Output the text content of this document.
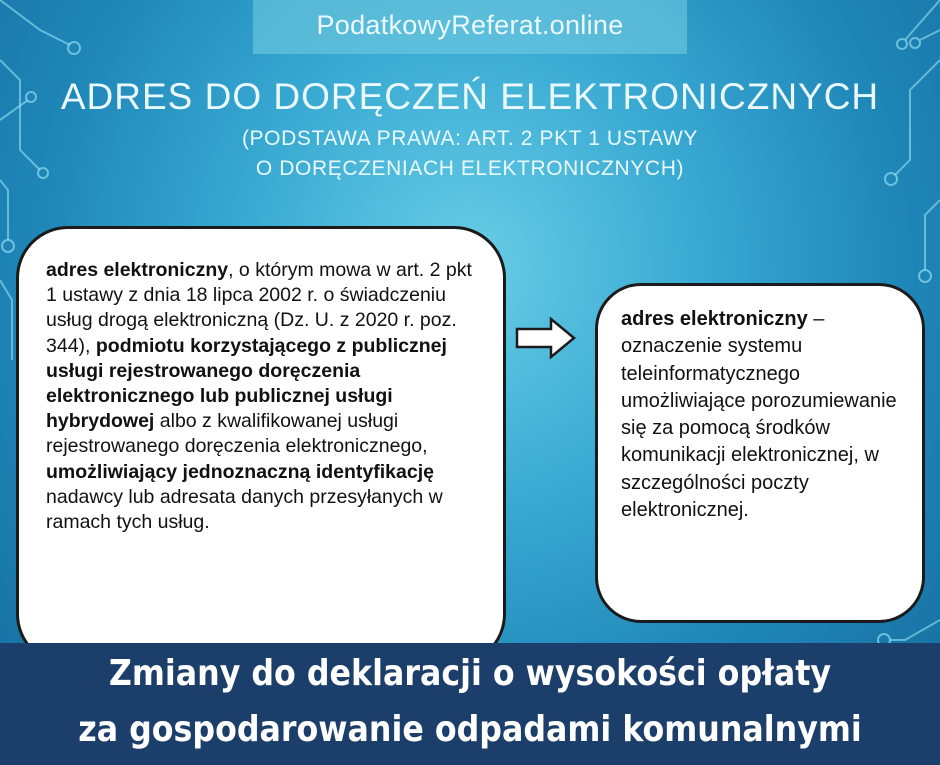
PodatkowyReferat.online
ADRES DO DORĘCZEŃ ELEKTRONICZNYCH
(PODSTAWA PRAWA: ART. 2 PKT 1 USTAWY
O DORĘCZENIACH ELEKTRONICZNYCH)
adres elektroniczny, o którym mowa w art. 2 pkt 1 ustawy z dnia 18 lipca 2002 r. o świadczeniu usług drogą elektroniczną (Dz. U. z 2020 r. poz. 344), podmiotu korzystającego z publicznej usługi rejestrowanego doręczenia elektronicznego lub publicznej usługi hybrydowej albo z kwalifikowanej usługi rejestrowanego doręczenia elektronicznego, umożliwiający jednoznaczną identyfikację nadawcy lub adresata danych przesyłanych w ramach tych usług.
adres elektroniczny – oznaczenie systemu teleinformatycznego umożliwiające porozumiewanie się za pomocą środków komunikacji elektronicznej, w szczególności poczty elektronicznej.
Zmiany do deklaracji o wysokości opłaty
za gospodarowanie odpadami komunalnymi
